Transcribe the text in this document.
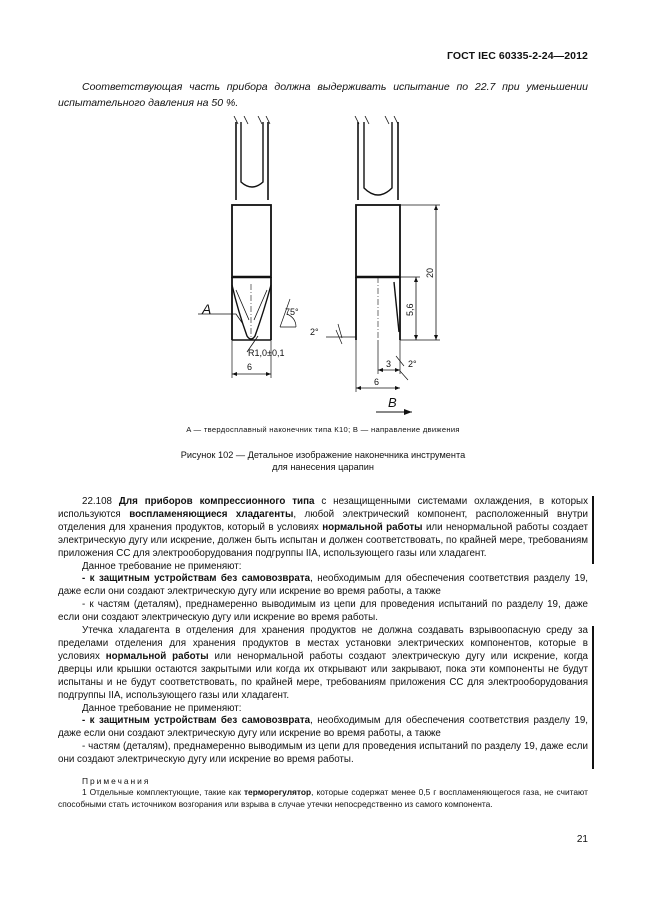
ГОСТ IEC 60335-2-24—2012
Соответствующая часть прибора должна выдерживать испытание по 22.7 при уменьшении испытательного давления на 50 %.
A	75°
R1,0±0,1
6
2°
2°
3
6
20
5,6
B
A — твердосплавный наконечник типа К10; B — направление движения
Рисунок 102 — Детальное изображение наконечника инструмента
для нанесения царапин

22.108 Для приборов компрессионного типа с незащищенными системами охлаждения, в которых используются воспламеняющиеся хладагенты, любой электрический компонент, расположенный внутри отделения для хранения продуктов, который в условиях нормальной работы или ненормальной работы создает электрическую дугу или искрение, должен быть испытан и должен соответствовать, по крайней мере, требованиям приложения СС для электрооборудования подгруппы IIA, использующего газы или хладагент.

Данное требование не применяют:

- к защитным устройствам без самовозврата, необходимым для обеспечения соответствия разделу 19, даже если они создают электрическую дугу или искрение во время работы, а также

- к частям (деталям), преднамеренно выводимым из цепи для проведения испытаний по разделу 19, даже если они создают электрическую дугу или искрение во время работы.

Утечка хладагента в отделения для хранения продуктов не должна создавать взрывоопасную среду за пределами отделения для хранения продуктов в местах установки электрических компонентов, которые в условиях нормальной работы или ненормальной работы создают электрическую дугу или искрение, когда дверцы или крышки остаются закрытыми или когда их открывают или закрывают, пока эти компоненты не будут испытаны и не будут соответствовать, по крайней мере, требованиям приложения СС для электрооборудования подгруппы IIA, использующего газы или хладагент.

Данное требование не применяют:

- к защитным устройствам без самовозврата, необходимым для обеспечения соответствия разделу 19, даже если они создают электрическую дугу или искрение во время работы, а также

- частям (деталям), преднамеренно выводимым из цепи для проведения испытаний по разделу 19, даже если они создают электрическую дугу или искрение во время работы.

Примечания

1 Отдельные комплектующие, такие как терморегулятор, которые содержат менее 0,5 г воспламеняющегося газа, не считают способными стать источником возгорания или взрыва в случае утечки непосредственно из самого компонента.

21
